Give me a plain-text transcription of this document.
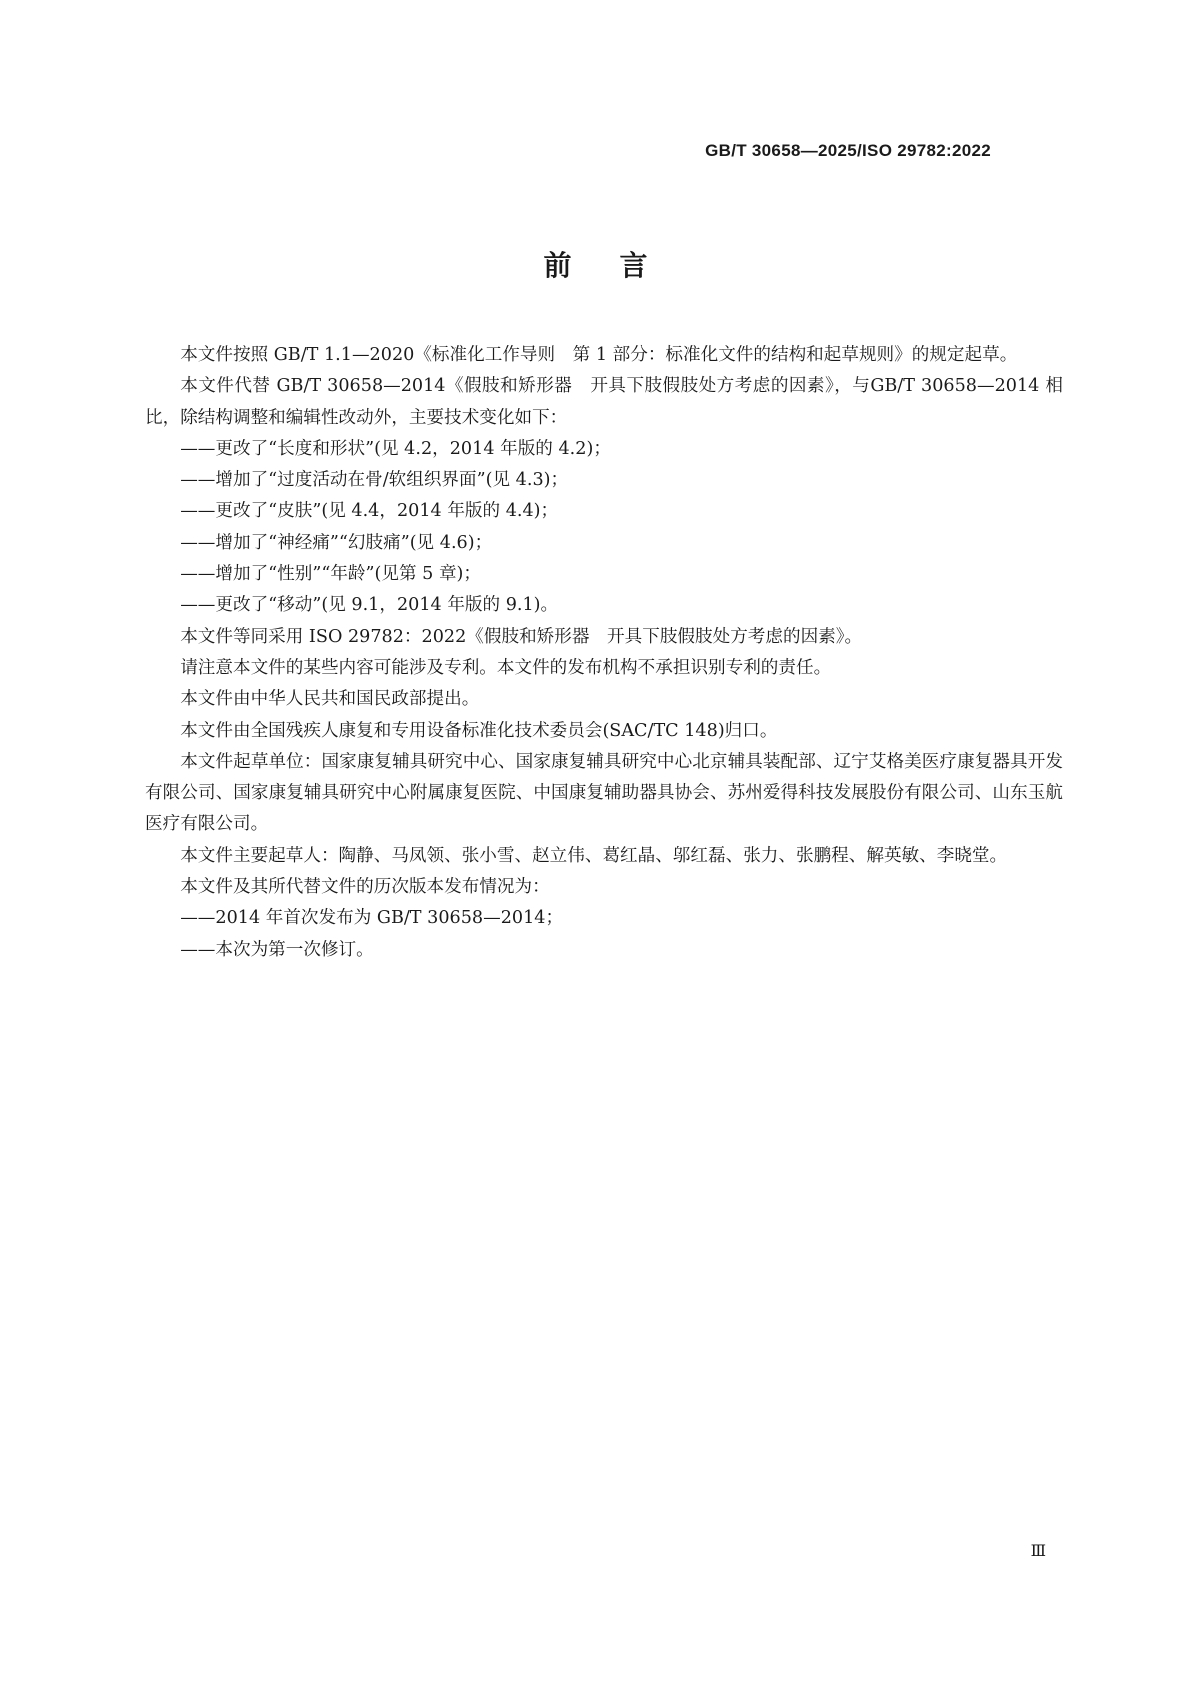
GB/T 30658—2025/ISO 29782:2022
前言

本文件按照 GB/T 1.1—2020《标准化工作导则　第 1 部分：标准化文件的结构和起草规则》的规定起草。

本文件代替 GB/T 30658—2014《假肢和矫形器　开具下肢假肢处方考虑的因素》，与GB/T 30658—2014 相比，除结构调整和编辑性改动外，主要技术变化如下：

——更改了“长度和形状”(见 4.2，2014 年版的 4.2)；

——增加了“过度活动在骨/软组织界面”(见 4.3)；

——更改了“皮肤”(见 4.4，2014 年版的 4.4)；

——增加了“神经痛”“幻肢痛”(见 4.6)；

——增加了“性别”“年龄”(见第 5 章)；

——更改了“移动”(见 9.1，2014 年版的 9.1)。

本文件等同采用 ISO 29782：2022《假肢和矫形器　开具下肢假肢处方考虑的因素》。

请注意本文件的某些内容可能涉及专利。本文件的发布机构不承担识别专利的责任。

本文件由中华人民共和国民政部提出。

本文件由全国残疾人康复和专用设备标准化技术委员会(SAC/TC 148)归口。

本文件起草单位：国家康复辅具研究中心、国家康复辅具研究中心北京辅具装配部、辽宁艾格美医疗康复器具开发有限公司、国家康复辅具研究中心附属康复医院、中国康复辅助器具协会、苏州爱得科技发展股份有限公司、山东玉航医疗有限公司。

本文件主要起草人：陶静、马凤领、张小雪、赵立伟、葛红晶、邬红磊、张力、张鹏程、解英敏、李晓堂。

本文件及其所代替文件的历次版本发布情况为：

——2014 年首次发布为 GB/T 30658—2014；

——本次为第一次修订。

Ⅲ
